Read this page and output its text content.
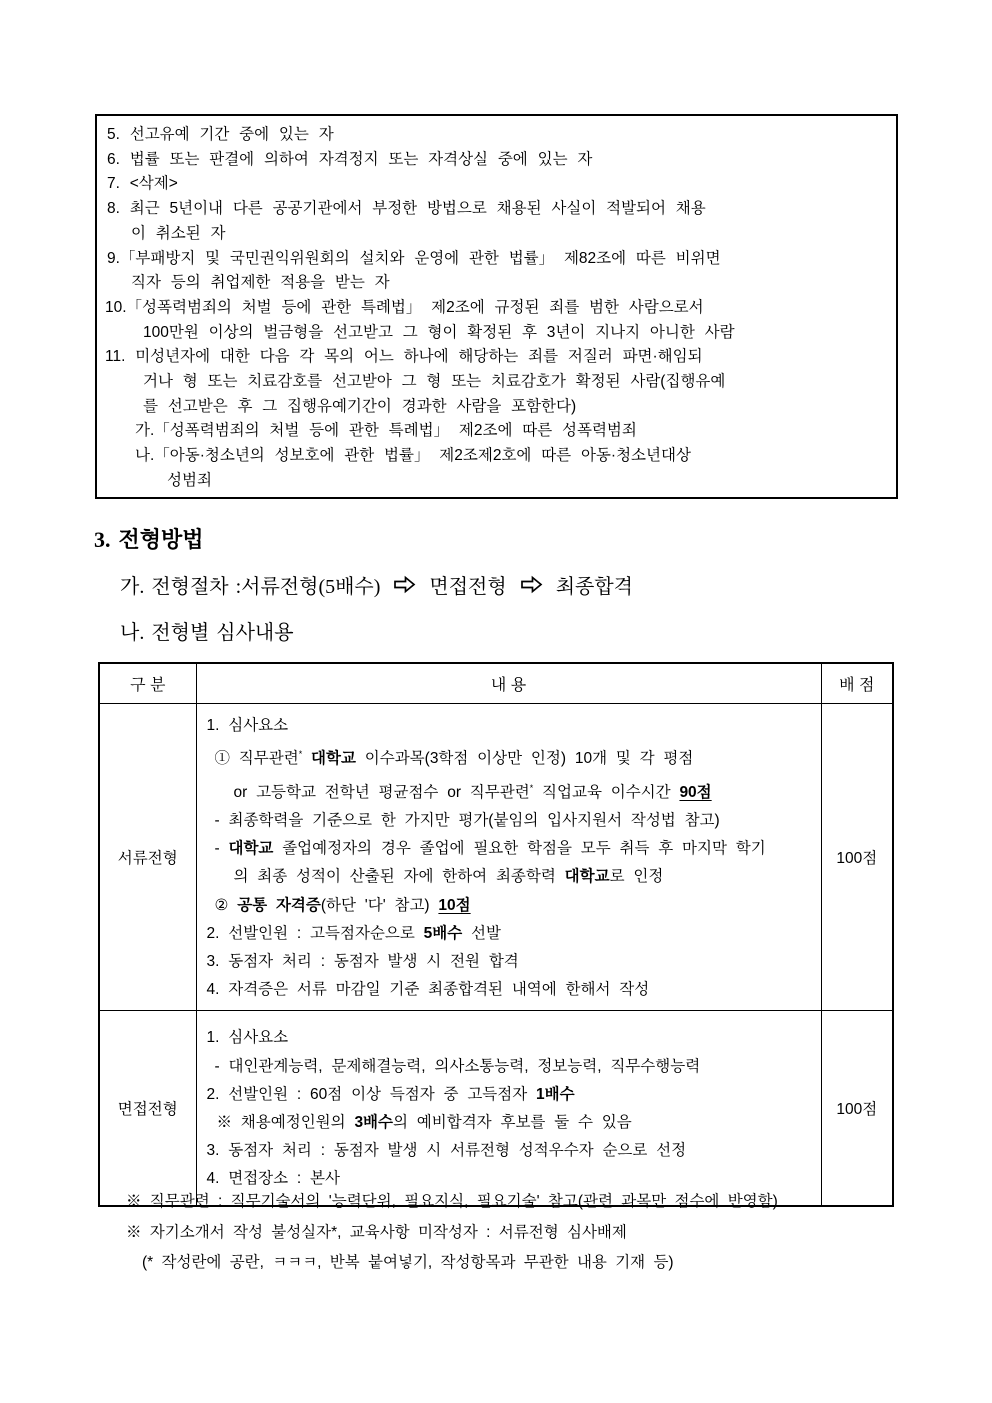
5. 선고유예 기간 중에 있는 자
6. 법률 또는 판결에 의하여 자격정지 또는 자격상실 중에 있는 자
7. <삭제>
8. 최근 5년이내 다른 공공기관에서 부정한 방법으로 채용된 사실이 적발되어 채용
이 취소된 자
9.「부패방지 및 국민권익위원회의 설치와 운영에 관한 법률」 제82조에 따른 비위면
직자 등의 취업제한 적용을 받는 자
10.「성폭력범죄의 처벌 등에 관한 특례법」 제2조에 규정된 죄를 범한 사람으로서
100만원 이상의 벌금형을 선고받고 그 형이 확정된 후 3년이 지나지 아니한 사람
11. 미성년자에 대한 다음 각 목의 어느 하나에 해당하는 죄를 저질러 파면·해임되
거나 형 또는 치료감호를 선고받아 그 형 또는 치료감호가 확정된 사람(집행유예
를 선고받은 후 그 집행유예기간이 경과한 사람을 포함한다)
가.「성폭력범죄의 처벌 등에 관한 특례법」 제2조에 따른 성폭력범죄
나.「아동·청소년의 성보호에 관한 법률」 제2조제2호에 따른 아동·청소년대상
성범죄
3. 전형방법
가. 전형절차 : 서류전형(5배수) 면접전형 최종합격
나. 전형별 심사내용
구 분	내 용	배 점
서류전형	
1. 심사요소
① 직무관련* 대학교 이수과목(3학점 이상만 인정) 10개 및 각 평점
or 고등학교 전학년 평균점수 or 직무관련* 직업교육 이수시간 90점
- 최종학력을 기준으로 한 가지만 평가(붙임의 입사지원서 작성법 참고)
- 대학교 졸업예정자의 경우 졸업에 필요한 학점을 모두 취득 후 마지막 학기
의 최종 성적이 산출된 자에 한하여 최종학력 대학교로 인정
② 공통 자격증(하단 '다' 참고) 10점
2. 선발인원 : 고득점자순으로 5배수 선발
3. 동점자 처리 : 동점자 발생 시 전원 합격
4. 자격증은 서류 마감일 기준 최종합격된 내역에 한해서 작성
	100점
면접전형	
1. 심사요소
- 대인관계능력, 문제해결능력, 의사소통능력, 정보능력, 직무수행능력
2. 선발인원 : 60점 이상 득점자 중 고득점자 1배수
※ 채용예정인원의 3배수의 예비합격자 후보를 둘 수 있음
3. 동점자 처리 : 동점자 발생 시 서류전형 성적우수자 순으로 선정
4. 면접장소 : 본사
	100점
※ 직무관련 : 직무기술서의 '능력단위, 필요지식, 필요기술' 참고(관련 과목만 점수에 반영함)
※ 자기소개서 작성 불성실자*, 교육사항 미작성자 : 서류전형 심사배제
(* 작성란에 공란, ㅋㅋㅋ, 반복 붙여넣기, 작성항목과 무관한 내용 기재 등)
